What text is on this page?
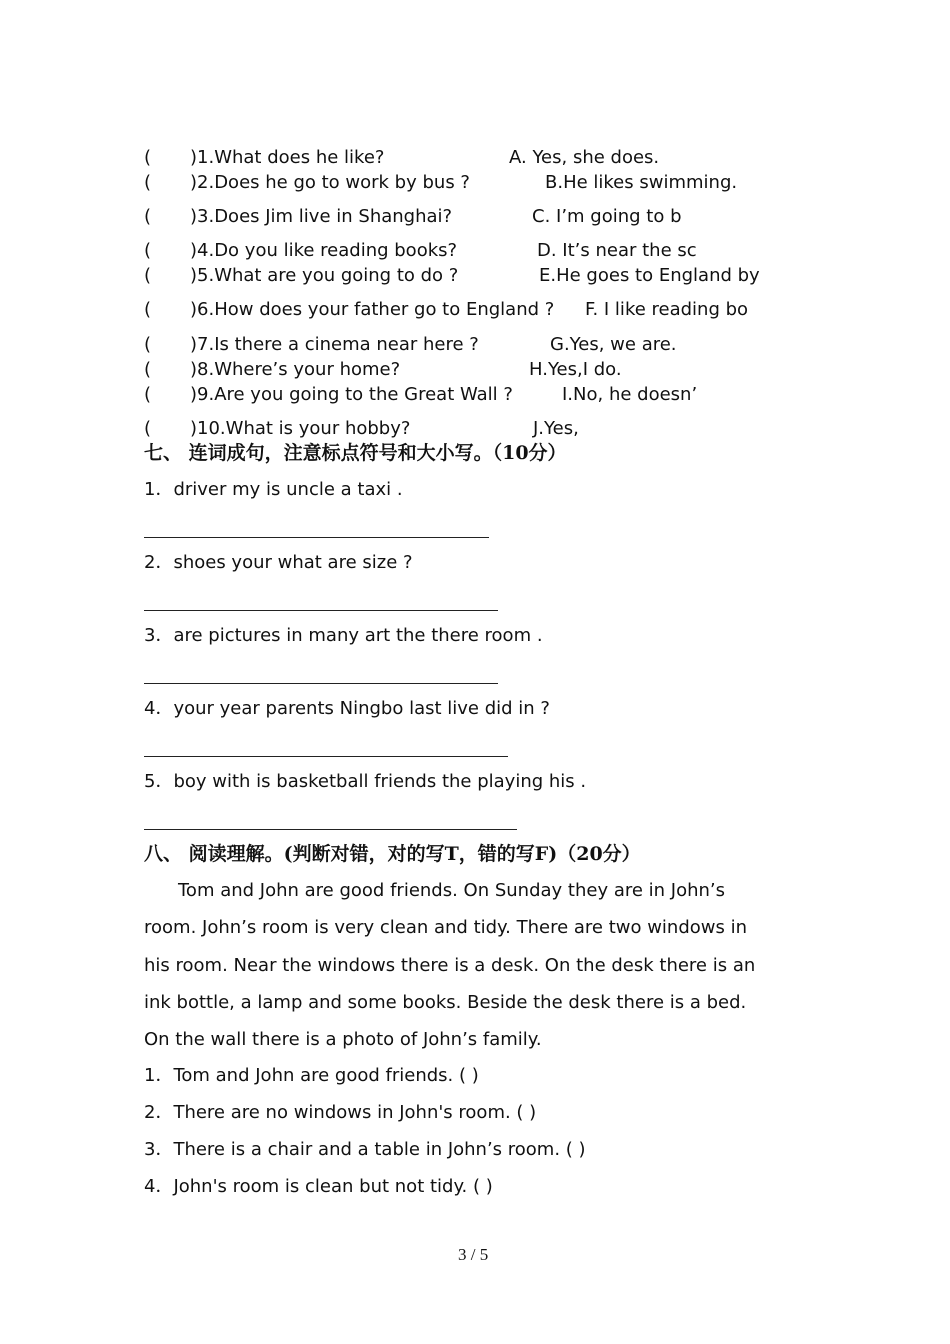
( )1.What does he like?	A. Yes, she does.
( )2.Does he go to work by bus ?	B.He likes swimming.
( )3.Does Jim live in Shanghai?	C. I’m going to b
( )4.Do you like reading books?	D. It’s near the sc
( )5.What are you going to do ?	E.He goes to England by
( )6.How does your father go to England ? F. I like reading bo
( )7.Is there a cinema near here ?	G.Yes, we are.
( )8.Where’s your home?	H.Yes,I do.
( )9.Are you going to the Great Wall ?	I.No, he doesn’
( )10.What is your hobby?	J.Yes,
七、 连词成句，注意标点符号和大小写。（10分）
1．driver my is uncle a taxi .
2．shoes your what are size ?
3．are pictures in many art the there room .
4．your year parents Ningbo last live did in ?
5．boy with is basketball friends the playing his .
八、 阅读理解。(判断对错，对的写T，错的写F)（20分）
Tom and John are good friends. On Sunday they are in John’s
room. John’s room is very clean and tidy. There are two windows in
his room. Near the windows there is a desk. On the desk there is an
ink bottle, a lamp and some books. Beside the desk there is a bed.
On the wall there is a photo of John’s family.
1．Tom and John are good friends. ( )
2．There are no windows in John's room. ( )
3．There is a chair and a table in John’s room. ( )
4．John's room is clean but not tidy. ( )
3 / 5
